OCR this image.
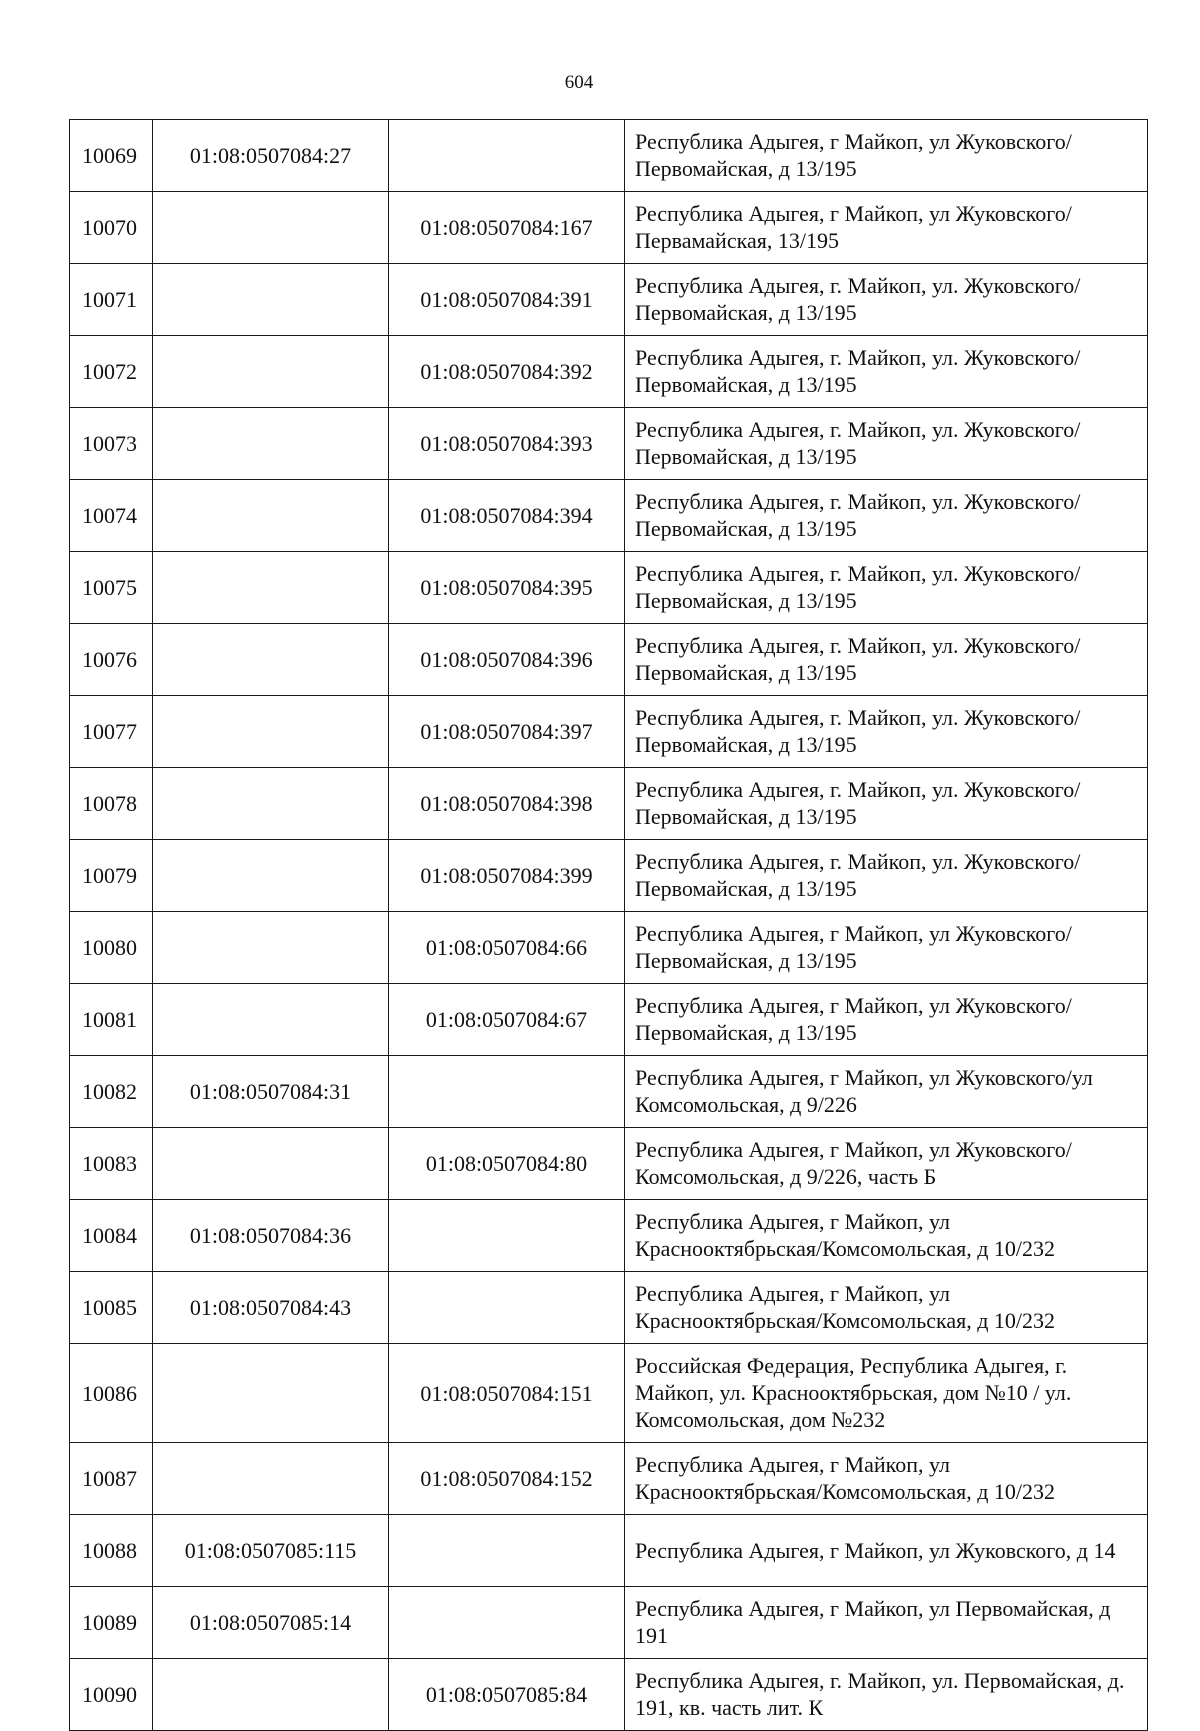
604
10069	01:08:0507084:27		Республика Адыгея, г Майкоп, ул Жуковского/Первомайская, д 13/195
10070		01:08:0507084:167	Республика Адыгея, г Майкоп, ул Жуковского/Первамайская, 13/195
10071		01:08:0507084:391	Республика Адыгея, г. Майкоп, ул. Жуковского/Первомайская, д 13/195
10072		01:08:0507084:392	Республика Адыгея, г. Майкоп, ул. Жуковского/Первомайская, д 13/195
10073		01:08:0507084:393	Республика Адыгея, г. Майкоп, ул. Жуковского/Первомайская, д 13/195
10074		01:08:0507084:394	Республика Адыгея, г. Майкоп, ул. Жуковского/Первомайская, д 13/195
10075		01:08:0507084:395	Республика Адыгея, г. Майкоп, ул. Жуковского/Первомайская, д 13/195
10076		01:08:0507084:396	Республика Адыгея, г. Майкоп, ул. Жуковского/Первомайская, д 13/195
10077		01:08:0507084:397	Республика Адыгея, г. Майкоп, ул. Жуковского/Первомайская, д 13/195
10078		01:08:0507084:398	Республика Адыгея, г. Майкоп, ул. Жуковского/Первомайская, д 13/195
10079		01:08:0507084:399	Республика Адыгея, г. Майкоп, ул. Жуковского/Первомайская, д 13/195
10080		01:08:0507084:66	Республика Адыгея, г Майкоп, ул Жуковского/Первомайская, д 13/195
10081		01:08:0507084:67	Республика Адыгея, г Майкоп, ул Жуковского/Первомайская, д 13/195
10082	01:08:0507084:31		Республика Адыгея, г Майкоп, ул Жуковского/ул Комсомольская, д 9/226
10083		01:08:0507084:80	Республика Адыгея, г Майкоп, ул Жуковского/Комсомольская, д 9/226, часть Б
10084	01:08:0507084:36		Республика Адыгея, г Майкоп, ул Краснооктябрьская/Комсомольская, д 10/232
10085	01:08:0507084:43		Республика Адыгея, г Майкоп, ул Краснооктябрьская/Комсомольская, д 10/232
10086		01:08:0507084:151	Российская Федерация, Республика Адыгея, г. Майкоп, ул. Краснооктябрьская, дом №10 / ул. Комсомольская, дом №232
10087		01:08:0507084:152	Республика Адыгея, г Майкоп, ул Краснооктябрьская/Комсомольская, д 10/232
10088	01:08:0507085:115		Республика Адыгея, г Майкоп, ул Жуковского, д 14
10089	01:08:0507085:14		Республика Адыгея, г Майкоп, ул Первомайская, д 191
10090		01:08:0507085:84	Республика Адыгея, г. Майкоп, ул. Первомайская, д. 191, кв. часть лит. К
